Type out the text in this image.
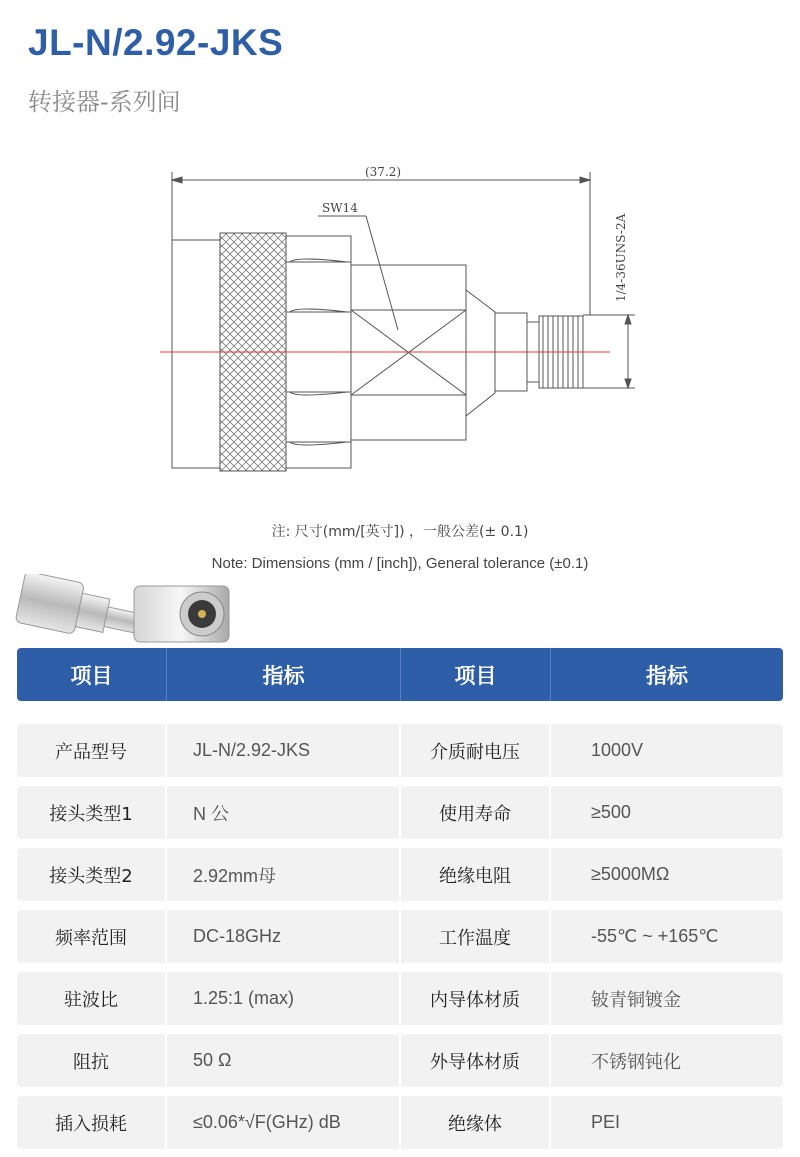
JL-N/2.92-JKS
转接器-系列间
(37.2)
SW14
1/4-36UNS-2A
注: 尺寸(mm/[英寸]) ，一般公差(± 0.1)
Note: Dimensions (mm / [inch]), General tolerance (±0.1)
项目	指标	项目	指标
产品型号	JL-N/2.92-JKS	介质耐电压	1000V
接头类型1	N 公	使用寿命	≥500
接头类型2	2.92mm母	绝缘电阻	≥5000MΩ
频率范围	DC-18GHz	工作温度	-55℃ ~ +165℃
驻波比	1.25:1 (max)	内导体材质	铍青铜镀金
阻抗	50 Ω	外导体材质	不锈钢钝化
插入损耗	≤0.06*√F(GHz) dB	绝缘体	PEI
